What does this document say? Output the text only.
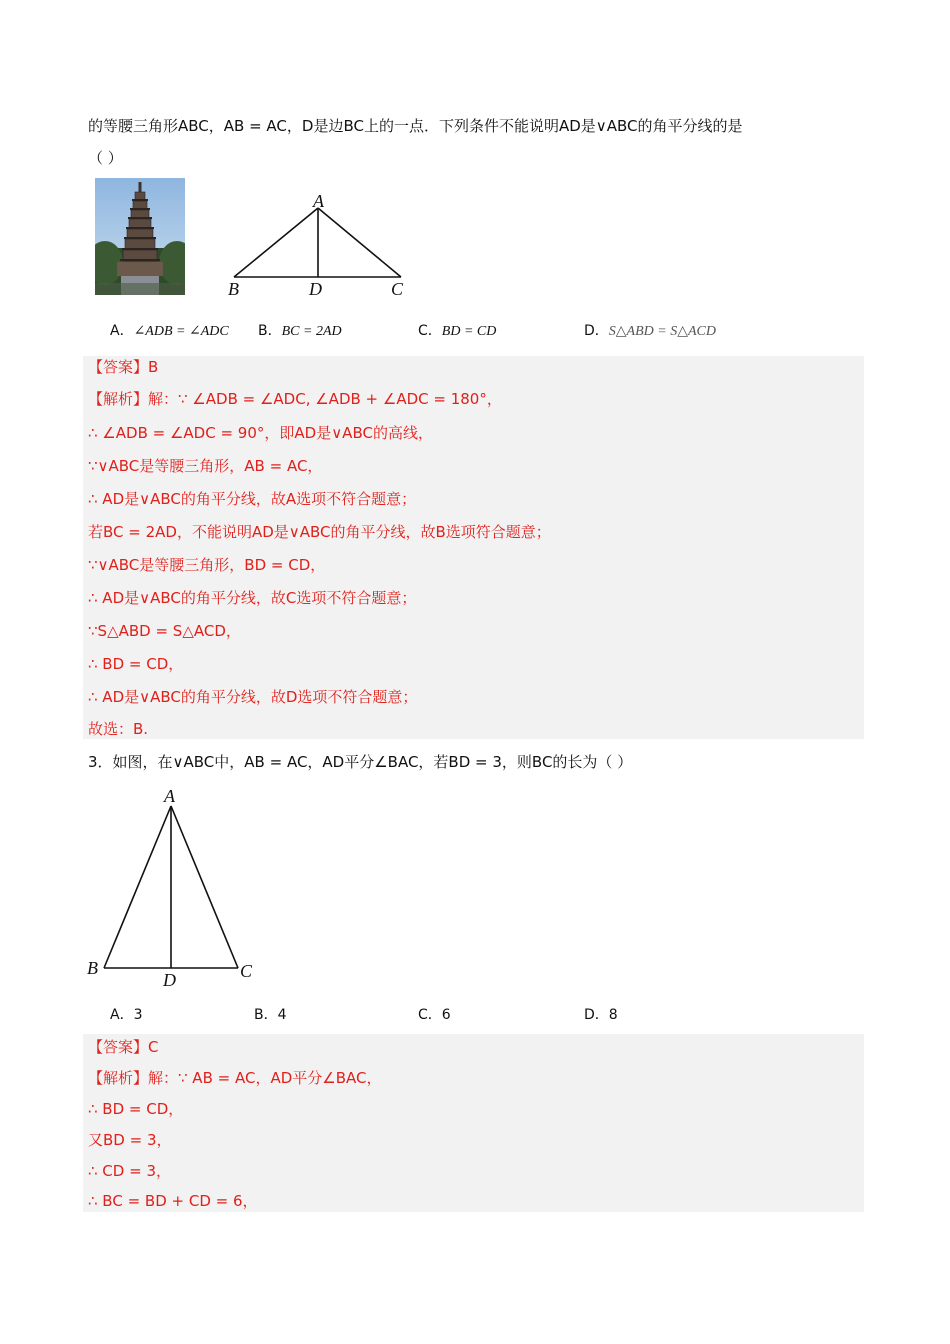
的等腰三角形ABC，AB = AC，D是边BC上的一点．下列条件不能说明AD是∨ABC的角平分线的是
（ ）
A
B	D	C
A．∠ADB = ∠ADC B．BC = 2AD	C．BD = CD	D．S△ABD = S△ACD
【答案】B
【解析】解：∵ ∠ADB = ∠ADC, ∠ADB + ∠ADC = 180°，
∴ ∠ADB = ∠ADC = 90°，即AD是∨ABC的高线，
∵∨ABC是等腰三角形，AB = AC，
∴ AD是∨ABC的角平分线，故A选项不符合题意；
若BC = 2AD，不能说明AD是∨ABC的角平分线，故B选项符合题意；
∵∨ABC是等腰三角形，BD = CD，
∴ AD是∨ABC的角平分线，故C选项不符合题意；
∵S△ABD = S△ACD，
∴ BD = CD，
∴ AD是∨ABC的角平分线，故D选项不符合题意；
故选：B.
3．如图，在∨ABC中，AB = AC，AD平分∠BAC，若BD = 3，则BC的长为（ ）
A
B
D	C
A．3	B．4	C．6	D．8
【答案】C
【解析】解：∵ AB = AC，AD平分∠BAC，
∴ BD = CD，
又BD = 3，
∴ CD = 3，
∴ BC = BD + CD = 6，
